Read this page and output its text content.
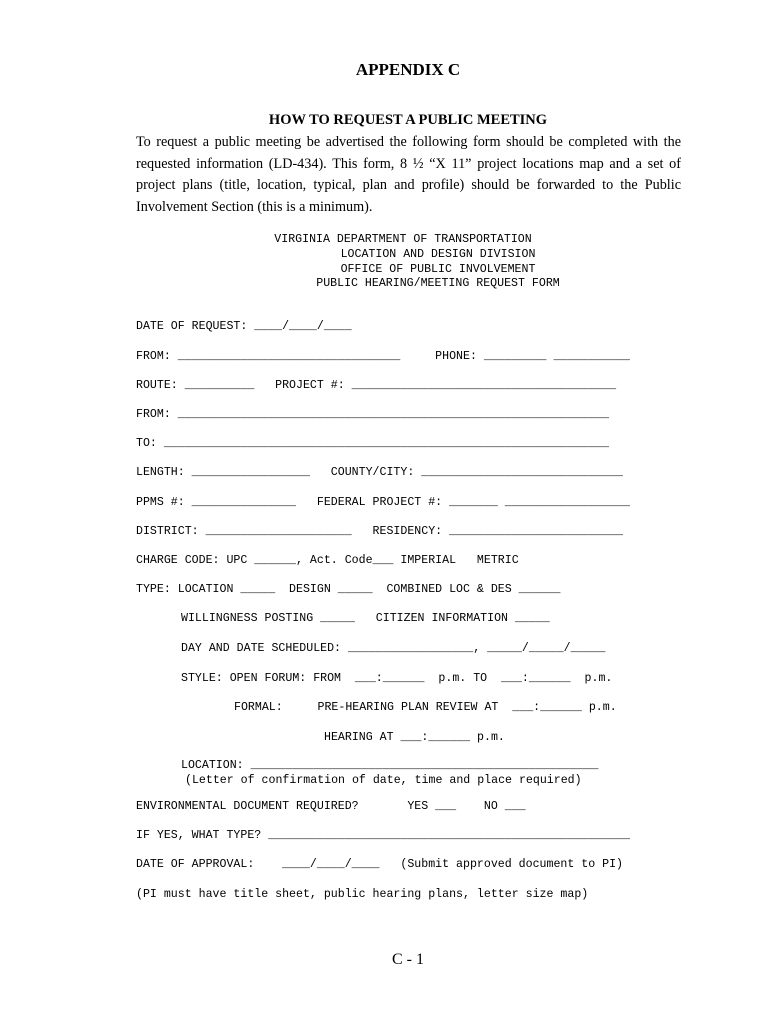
APPENDIX C
HOW TO REQUEST A PUBLIC MEETING
To request a public meeting be advertised the following form should be completed with the requested information (LD-434). This form, 8 ½ “X 11” project locations map and a set of project plans (title, location, typical, plan and profile) should be forwarded to the Public Involvement Section (this is a minimum).
VIRGINIA DEPARTMENT OF TRANSPORTATION
LOCATION AND DESIGN DIVISION
OFFICE OF PUBLIC INVOLVEMENT
PUBLIC HEARING/MEETING REQUEST FORM
DATE OF REQUEST: ____/____/____
FROM: ________________________________     PHONE: _________ ___________
ROUTE: __________   PROJECT #: ______________________________________
FROM: ______________________________________________________________
TO: ________________________________________________________________
LENGTH: _________________   COUNTY/CITY: _____________________________
PPMS #: _______________   FEDERAL PROJECT #: _______ __________________
DISTRICT: _____________________   RESIDENCY: _________________________
CHARGE CODE: UPC ______, Act. Code___ IMPERIAL   METRIC
TYPE: LOCATION _____  DESIGN _____  COMBINED LOC & DES ______
WILLINGNESS POSTING _____   CITIZEN INFORMATION _____
DAY AND DATE SCHEDULED: __________________, _____/_____/_____
STYLE: OPEN FORUM: FROM  ___:______  p.m. TO  ___:______  p.m.
FORMAL:     PRE-HEARING PLAN REVIEW AT  ___:______ p.m.
HEARING AT ___:______ p.m.
LOCATION: __________________________________________________
(Letter of confirmation of date, time and place required)
ENVIRONMENTAL DOCUMENT REQUIRED?       YES ___    NO ___
IF YES, WHAT TYPE? ____________________________________________________
DATE OF APPROVAL:    ____/____/____   (Submit approved document to PI)
(PI must have title sheet, public hearing plans, letter size map)
C - 1
